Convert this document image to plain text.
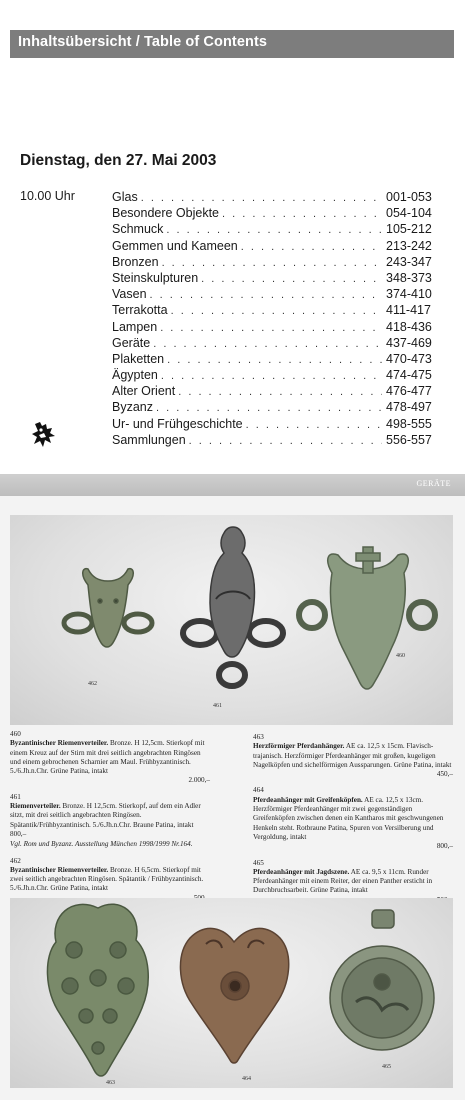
Inhaltsübersicht / Table of Contents
Dienstag, den 27. Mai 2003
10.00 Uhr	Glas . . .	001-053
Besondere Objekte . . .	054-104
Schmuck . . .	105-212
Gemmen und Kameen . . .	213-242
Bronzen . . .	243-347
Steinskulpturen . . .	348-373
Vasen . . .	374-410
Terrakotta . . .	411-417
Lampen . . .	418-436
Geräte . . .	437-469
Plaketten . . .	470-473
Ägypten . . .	474-475
Alter Orient . . .	476-477
Byzanz . . .	478-497
Ur- und Frühgeschichte . . .	498-555
Sammlungen . . .	556-557
GERÄTE
462
461
460
460
Byzantinischer Riemenverteiler. Bronze. H 12,5cm. Stierkopf mit einem Kreuz auf der Stirn mit drei seitlich angebrachten Ringösen und einem gebrochenen Scharnier am Maul. Frühbyzantinisch. 5./6.Jh.n.Chr. Grüne Patina, intakt
2.000,–
461
Riemenverteiler. Bronze. H 12,5cm. Stierkopf, auf dem ein Adler sitzt, mit drei seitlich angebrachten Ringösen. Spätantik/Frühbyzantinisch. 5./6.Jh.n.Chr. Braune Patina, intakt 800,–
Vgl. Rom und Byzanz. Ausstellung München 1998/1999 Nr.164.
462
Byzantinischer Riemenverteiler. Bronze. H 6,5cm. Stierkopf mit zwei seitlich angebrachten Ringösen. Spätantik / Frühbyzantinisch. 5./6.Jh.n.Chr. Grüne Patina, intakt
463
Herzförmiger Pferdanhänger. AE ca. 12,5 x 15cm. Flavisch-trajanisch. Herzförmiger Pferdeanhänger mit großen, kugeligen Nagelköpfen und sichelförmigen Aussparungen. Grüne Patina, intakt
450,–
464
Pferdeanhänger mit Greifenköpfen. AE ca. 12,5 x 13cm. Herzförmiger Pferdeanhänger mit zwei gegenständigen Greifenköpfen zwischen denen ein Kantharos mit geschwungenen Henkeln steht. Rotbraune Patina, Spuren von Versilberung und Vergoldung, intakt
800,–
465
Pferdeanhänger mit Jagdszene. AE ca. 9,5 x 11cm. Runder Pferdeanhänger mit einem Reiter, der einen Panther ersticht in Durchbruchsarbeit. Grüne Patina, intakt
463
464
465
